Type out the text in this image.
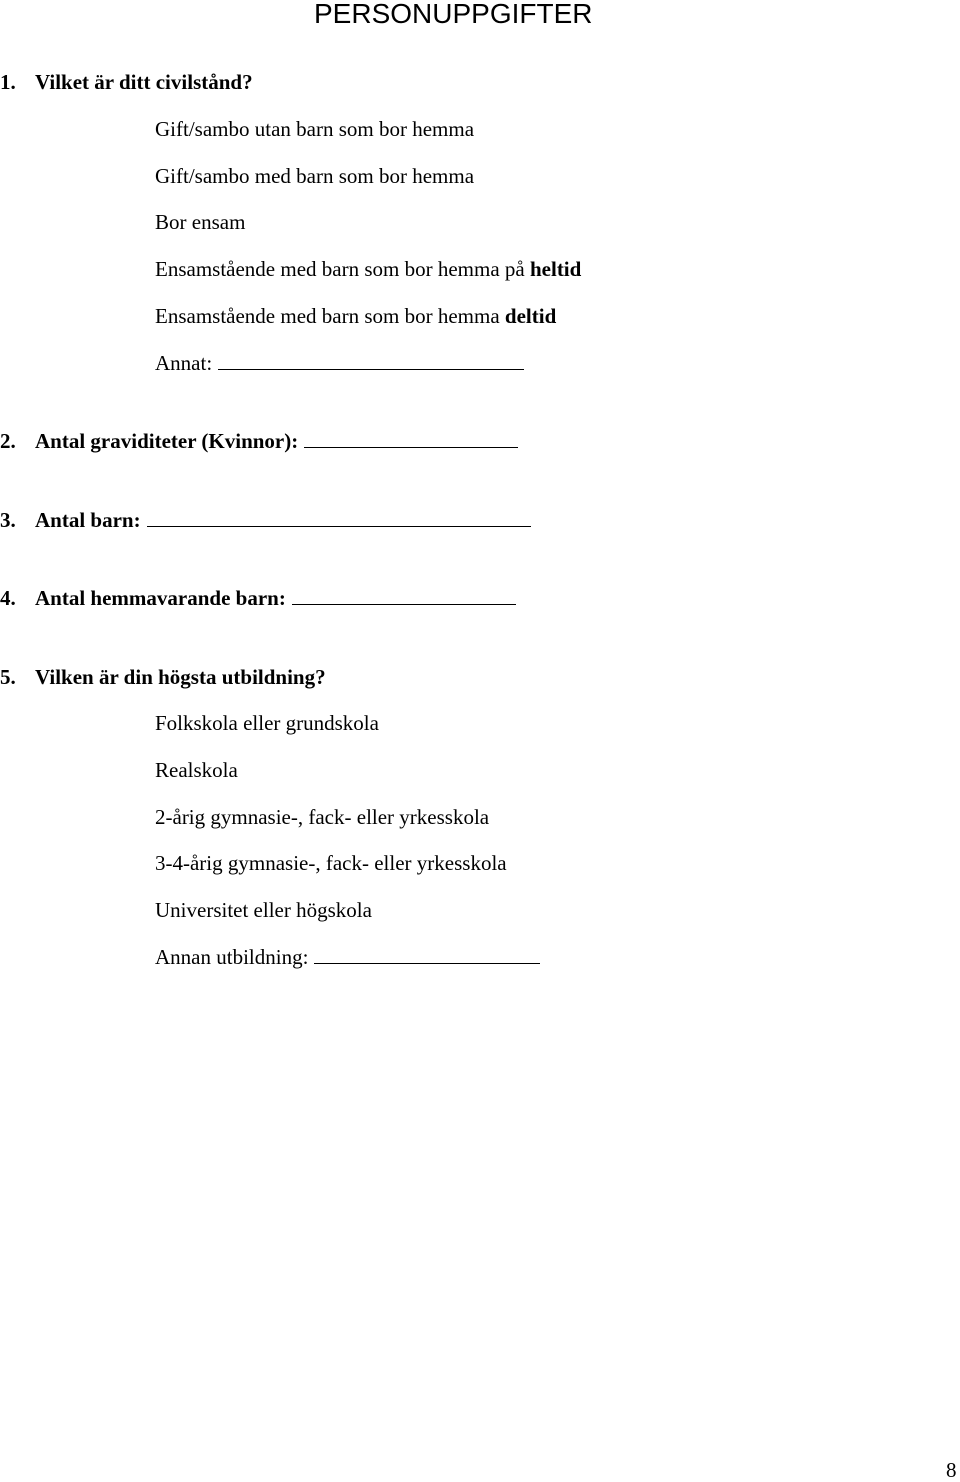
PERSONUPPGIFTER
1. Vilket är ditt civilstånd?
Gift/sambo utan barn som bor hemma
Gift/sambo med barn som bor hemma
Bor ensam
Ensamstående med barn som bor hemma på heltid
Ensamstående med barn som bor hemma deltid
Annat:
2. Antal graviditeter (Kvinnor):
3. Antal barn:
4. Antal hemmavarande barn:
5. Vilken är din högsta utbildning?
Folkskola eller grundskola
Realskola
2-årig gymnasie-, fack- eller yrkesskola
3-4-årig gymnasie-, fack- eller yrkesskola
Universitet eller högskola
Annan utbildning:
8
